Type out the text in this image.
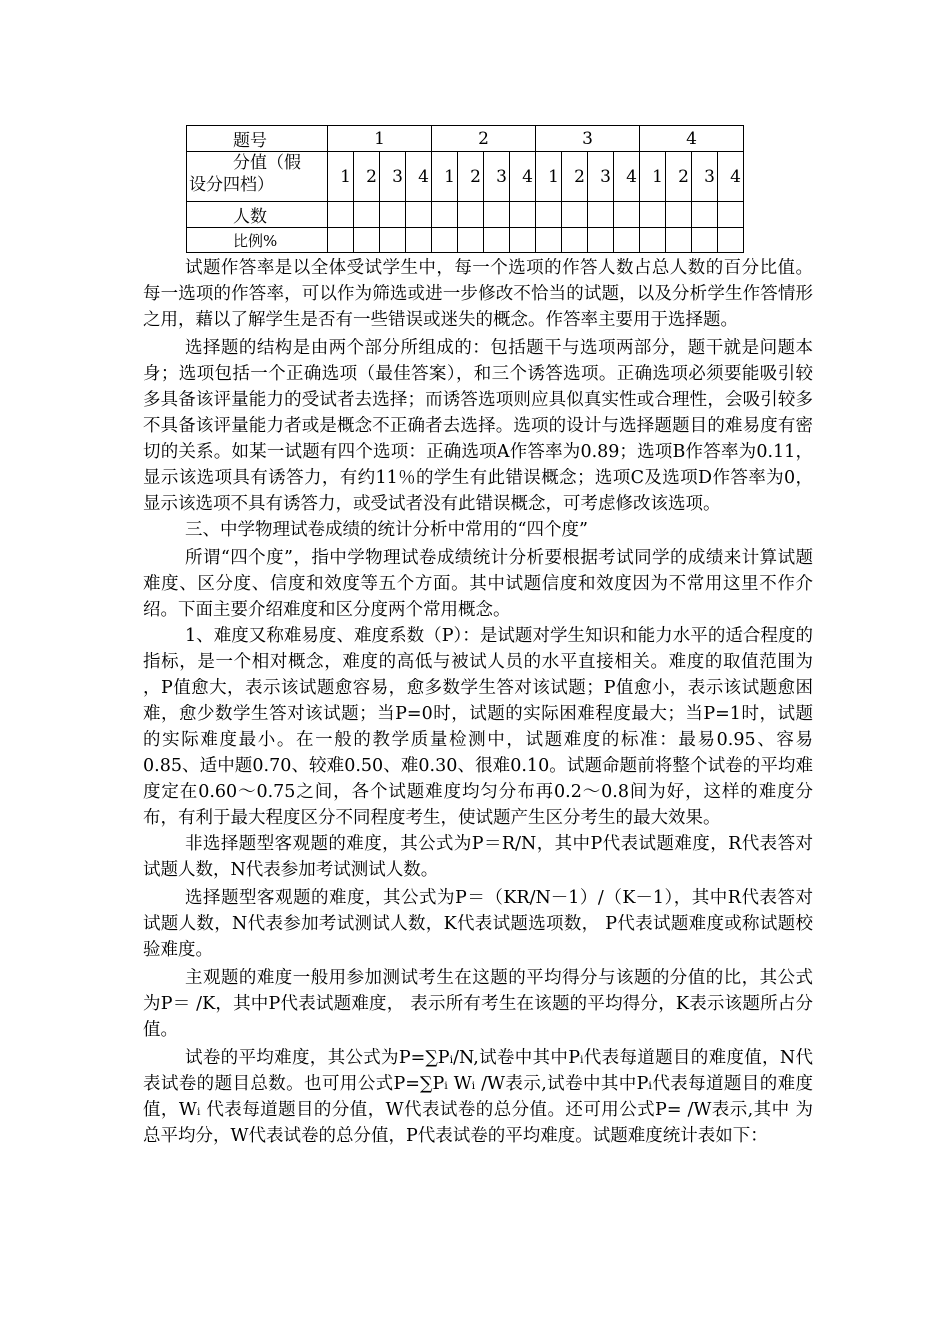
题号	1				2				3				4			

分值（假
设分四档）	1	2	3	4	1	2	3	4	1	2	3	4	1	2	3	4
人数																
比例%																

试题作答率是以全体受试学生中，每一个选项的作答人数占总人数的百分比值。每一选项的作答率，可以作为筛选或进一步修改不恰当的试题，以及分析学生作答情形之用，藉以了解学生是否有一些错误或迷失的概念。作答率主要用于选择题。

选择题的结构是由两个部分所组成的：包括题干与选项两部分，题干就是问题本身；选项包括一个正确选项（最佳答案），和三个诱答选项。正确选项必须要能吸引较多具备该评量能力的受试者去选择；而诱答选项则应具似真实性或合理性，会吸引较多不具备该评量能力者或是概念不正确者去选择。选项的设计与选择题题目的难易度有密切的关系。如某一试题有四个选项：正确选项A作答率为0.89；选项B作答率为0.11，显示该选项具有诱答力，有约11％的学生有此错误概念；选项C及选项D作答率为0，显示该选项不具有诱答力，或受试者没有此错误概念，可考虑修改该选项。

三、中学物理试卷成绩的统计分析中常用的“四个度”

所谓“四个度”，指中学物理试卷成绩统计分析要根据考试同学的成绩来计算试题难度、区分度、信度和效度等五个方面。其中试题信度和效度因为不常用这里不作介绍。下面主要介绍难度和区分度两个常用概念。

1、难度又称难易度、难度系数（P）：是试题对学生知识和能力水平的适合程度的指标，是一个相对概念，难度的高低与被试人员的水平直接相关。难度的取值范围为 ，P值愈大，表示该试题愈容易，愈多数学生答对该试题；P值愈小，表示该试题愈困难，愈少数学生答对该试题；当P=0时，试题的实际困难程度最大；当P=1时，试题的实际难度最小。在一般的教学质量检测中，试题难度的标准：最易0.95、容易0.85、适中题0.70、较难0.50、难0.30、很难0.10。试题命题前将整个试卷的平均难度定在0.60～0.75之间，各个试题难度均匀分布再0.2～0.8间为好，这样的难度分布，有利于最大程度区分不同程度考生，使试题产生区分考生的最大效果。

非选择题型客观题的难度，其公式为P＝R/N，其中P代表试题难度，R代表答对试题人数，N代表参加考试测试人数。

选择题型客观题的难度，其公式为P＝（KR/N－1）/（K－1），其中R代表答对试题人数，N代表参加考试测试人数，K代表试题选项数， P代表试题难度或称试题校验难度。

主观题的难度一般用参加测试考生在这题的平均得分与该题的分值的比，其公式为P＝ /K，其中P代表试题难度， 表示所有考生在该题的平均得分，K表示该题所占分值。

试卷的平均难度，其公式为P=∑Pᵢ/N,试卷中其中Pᵢ代表每道题目的难度值，N代表试卷的题目总数。也可用公式P=∑Pᵢ Wᵢ /W表示,试卷中其中Pᵢ代表每道题目的难度值，Wᵢ 代表每道题目的分值，W代表试卷的总分值。还可用公式P= /W表示,其中 为总平均分，W代表试卷的总分值，P代表试卷的平均难度。试题难度统计表如下：
